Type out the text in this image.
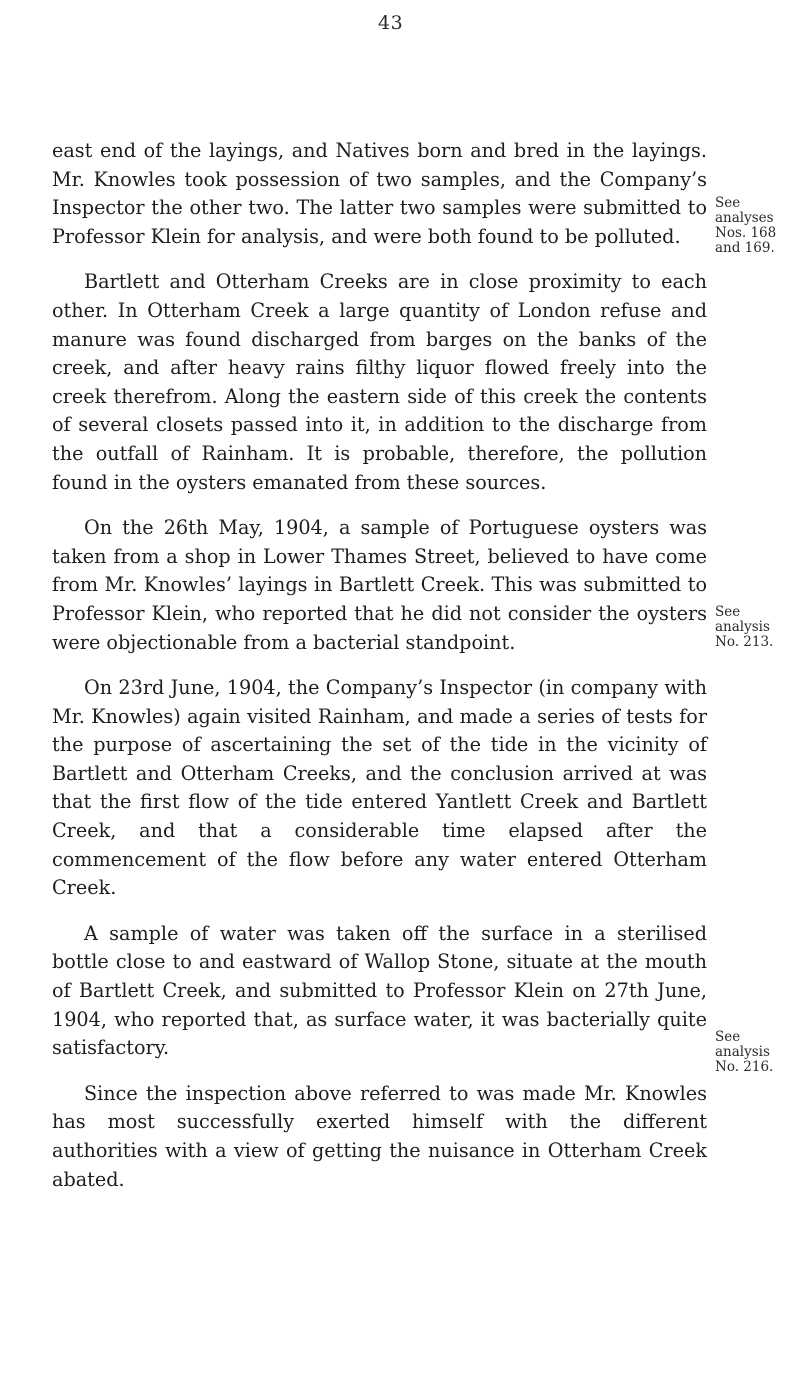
43

east end of the layings, and Natives born and bred in the layings. Mr. Knowles took possession of two samples, and the Company’s Inspector the other two. The latter two samples were submitted to Professor Klein for analysis, and were both found to be polluted.

Bartlett and Otterham Creeks are in close proximity to each other. In Otterham Creek a large quantity of London refuse and manure was found discharged from barges on the banks of the creek, and after heavy rains filthy liquor flowed freely into the creek therefrom. Along the eastern side of this creek the contents of several closets passed into it, in addition to the discharge from the outfall of Rainham. It is probable, therefore, the pollution found in the oysters emanated from these sources.

On the 26th May, 1904, a sample of Portuguese oysters was taken from a shop in Lower Thames Street, believed to have come from Mr. Knowles’ layings in Bartlett Creek. This was submitted to Professor Klein, who reported that he did not consider the oysters were objectionable from a bacterial standpoint.

On 23rd June, 1904, the Company’s Inspector (in company with Mr. Knowles) again visited Rainham, and made a series of tests for the purpose of ascertaining the set of the tide in the vicinity of Bartlett and Otterham Creeks, and the conclusion arrived at was that the first flow of the tide entered Yantlett Creek and Bartlett Creek, and that a considerable time elapsed after the commencement of the flow before any water entered Otterham Creek.

A sample of water was taken off the surface in a sterilised bottle close to and eastward of Wallop Stone, situate at the mouth of Bartlett Creek, and submitted to Professor Klein on 27th June, 1904, who reported that, as surface water, it was bacterially quite satisfactory.

Since the inspection above referred to was made Mr. Knowles has most successfully exerted himself with the different authorities with a view of getting the nuisance in Otterham Creek abated.

See analyses Nos. 168 and 169.
See analysis No. 213.
See analysis No. 216.
